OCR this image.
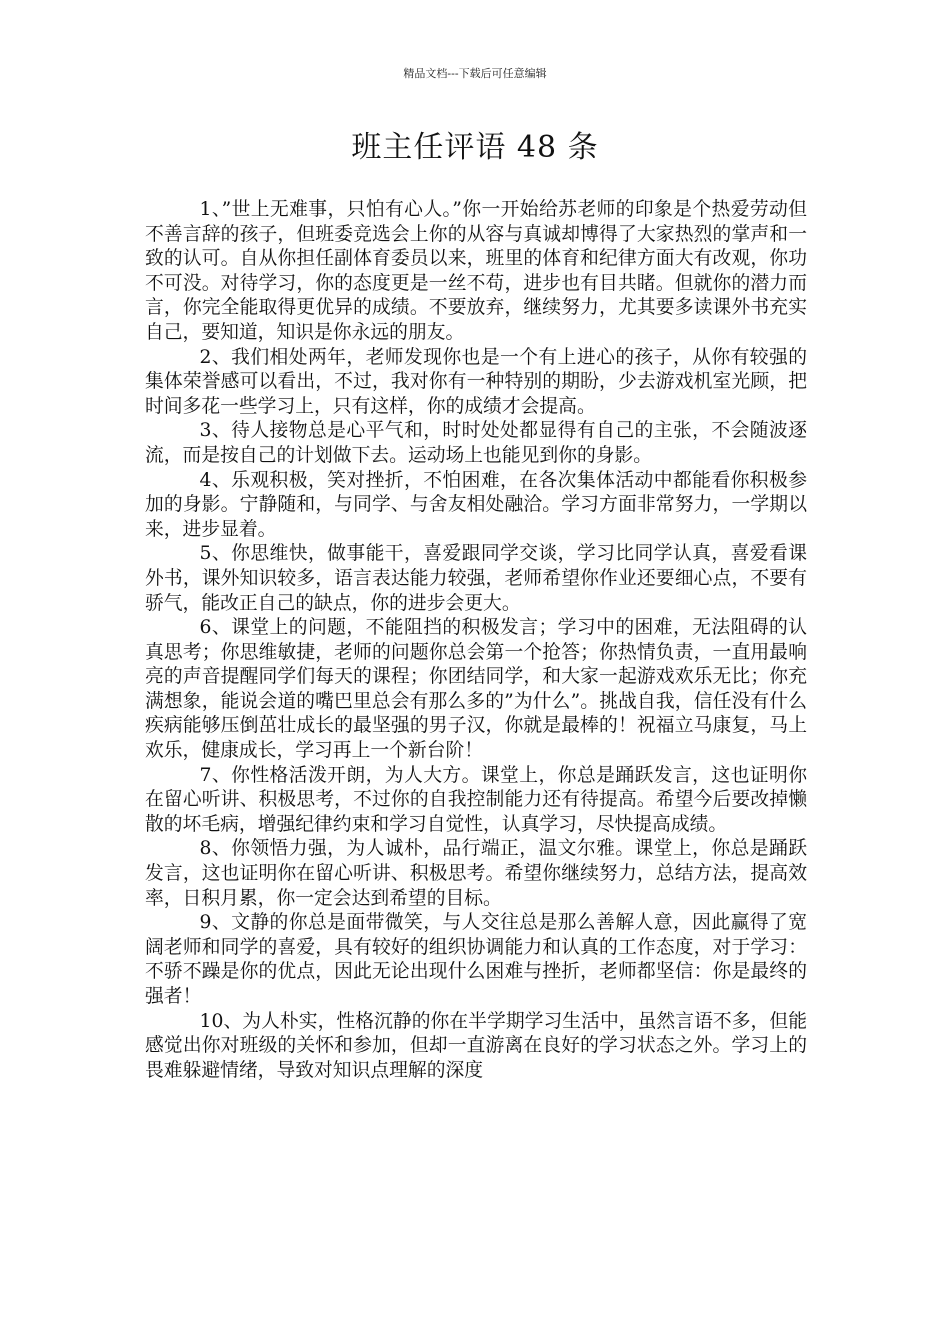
精品文档---下载后可任意编辑
班主任评语 48 条

1、”世上无难事，只怕有心人。”你一开始给苏老师的印象是个热爱劳动但不善言辞的孩子，但班委竞选会上你的从容与真诚却博得了大家热烈的掌声和一致的认可。自从你担任副体育委员以来，班里的体育和纪律方面大有改观，你功不可没。对待学习，你的态度更是一丝不苟，进步也有目共睹。但就你的潜力而言，你完全能取得更优异的成绩。不要放弃，继续努力，尤其要多读课外书充实自己，要知道，知识是你永远的朋友。

2、我们相处两年，老师发现你也是一个有上进心的孩子，从你有较强的集体荣誉感可以看出，不过，我对你有一种特别的期盼，少去游戏机室光顾，把时间多花一些学习上，只有这样，你的成绩才会提高。

3、待人接物总是心平气和，时时处处都显得有自己的主张，不会随波逐流，而是按自己的计划做下去。运动场上也能见到你的身影。

4、乐观积极，笑对挫折，不怕困难，在各次集体活动中都能看你积极参加的身影。宁静随和，与同学、与舍友相处融洽。学习方面非常努力，一学期以来，进步显着。

5、你思维快，做事能干，喜爱跟同学交谈，学习比同学认真，喜爱看课外书，课外知识较多，语言表达能力较强，老师希望你作业还要细心点，不要有骄气，能改正自己的缺点，你的进步会更大。

6、课堂上的问题，不能阻挡的积极发言；学习中的困难，无法阻碍的认真思考；你思维敏捷，老师的问题你总会第一个抢答；你热情负责，一直用最响亮的声音提醒同学们每天的课程；你团结同学，和大家一起游戏欢乐无比；你充满想象，能说会道的嘴巴里总会有那么多的”为什么”。挑战自我，信任没有什么疾病能够压倒茁壮成长的最坚强的男子汉，你就是最棒的！祝福立马康复，马上欢乐，健康成长，学习再上一个新台阶！

7、你性格活泼开朗，为人大方。课堂上，你总是踊跃发言，这也证明你在留心听讲、积极思考，不过你的自我控制能力还有待提高。希望今后要改掉懒散的坏毛病，增强纪律约束和学习自觉性，认真学习，尽快提高成绩。

8、你领悟力强，为人诚朴，品行端正，温文尔雅。课堂上，你总是踊跃发言，这也证明你在留心听讲、积极思考。希望你继续努力，总结方法，提高效率，日积月累，你一定会达到希望的目标。

9、文静的你总是面带微笑，与人交往总是那么善解人意，因此赢得了宽阔老师和同学的喜爱，具有较好的组织协调能力和认真的工作态度，对于学习：不骄不躁是你的优点，因此无论出现什么困难与挫折，老师都坚信：你是最终的强者！

10、为人朴实，性格沉静的你在半学期学习生活中，虽然言语不多，但能感觉出你对班级的关怀和参加，但却一直游离在良好的学习状态之外。学习上的畏难躲避情绪，导致对知识点理解的深度
